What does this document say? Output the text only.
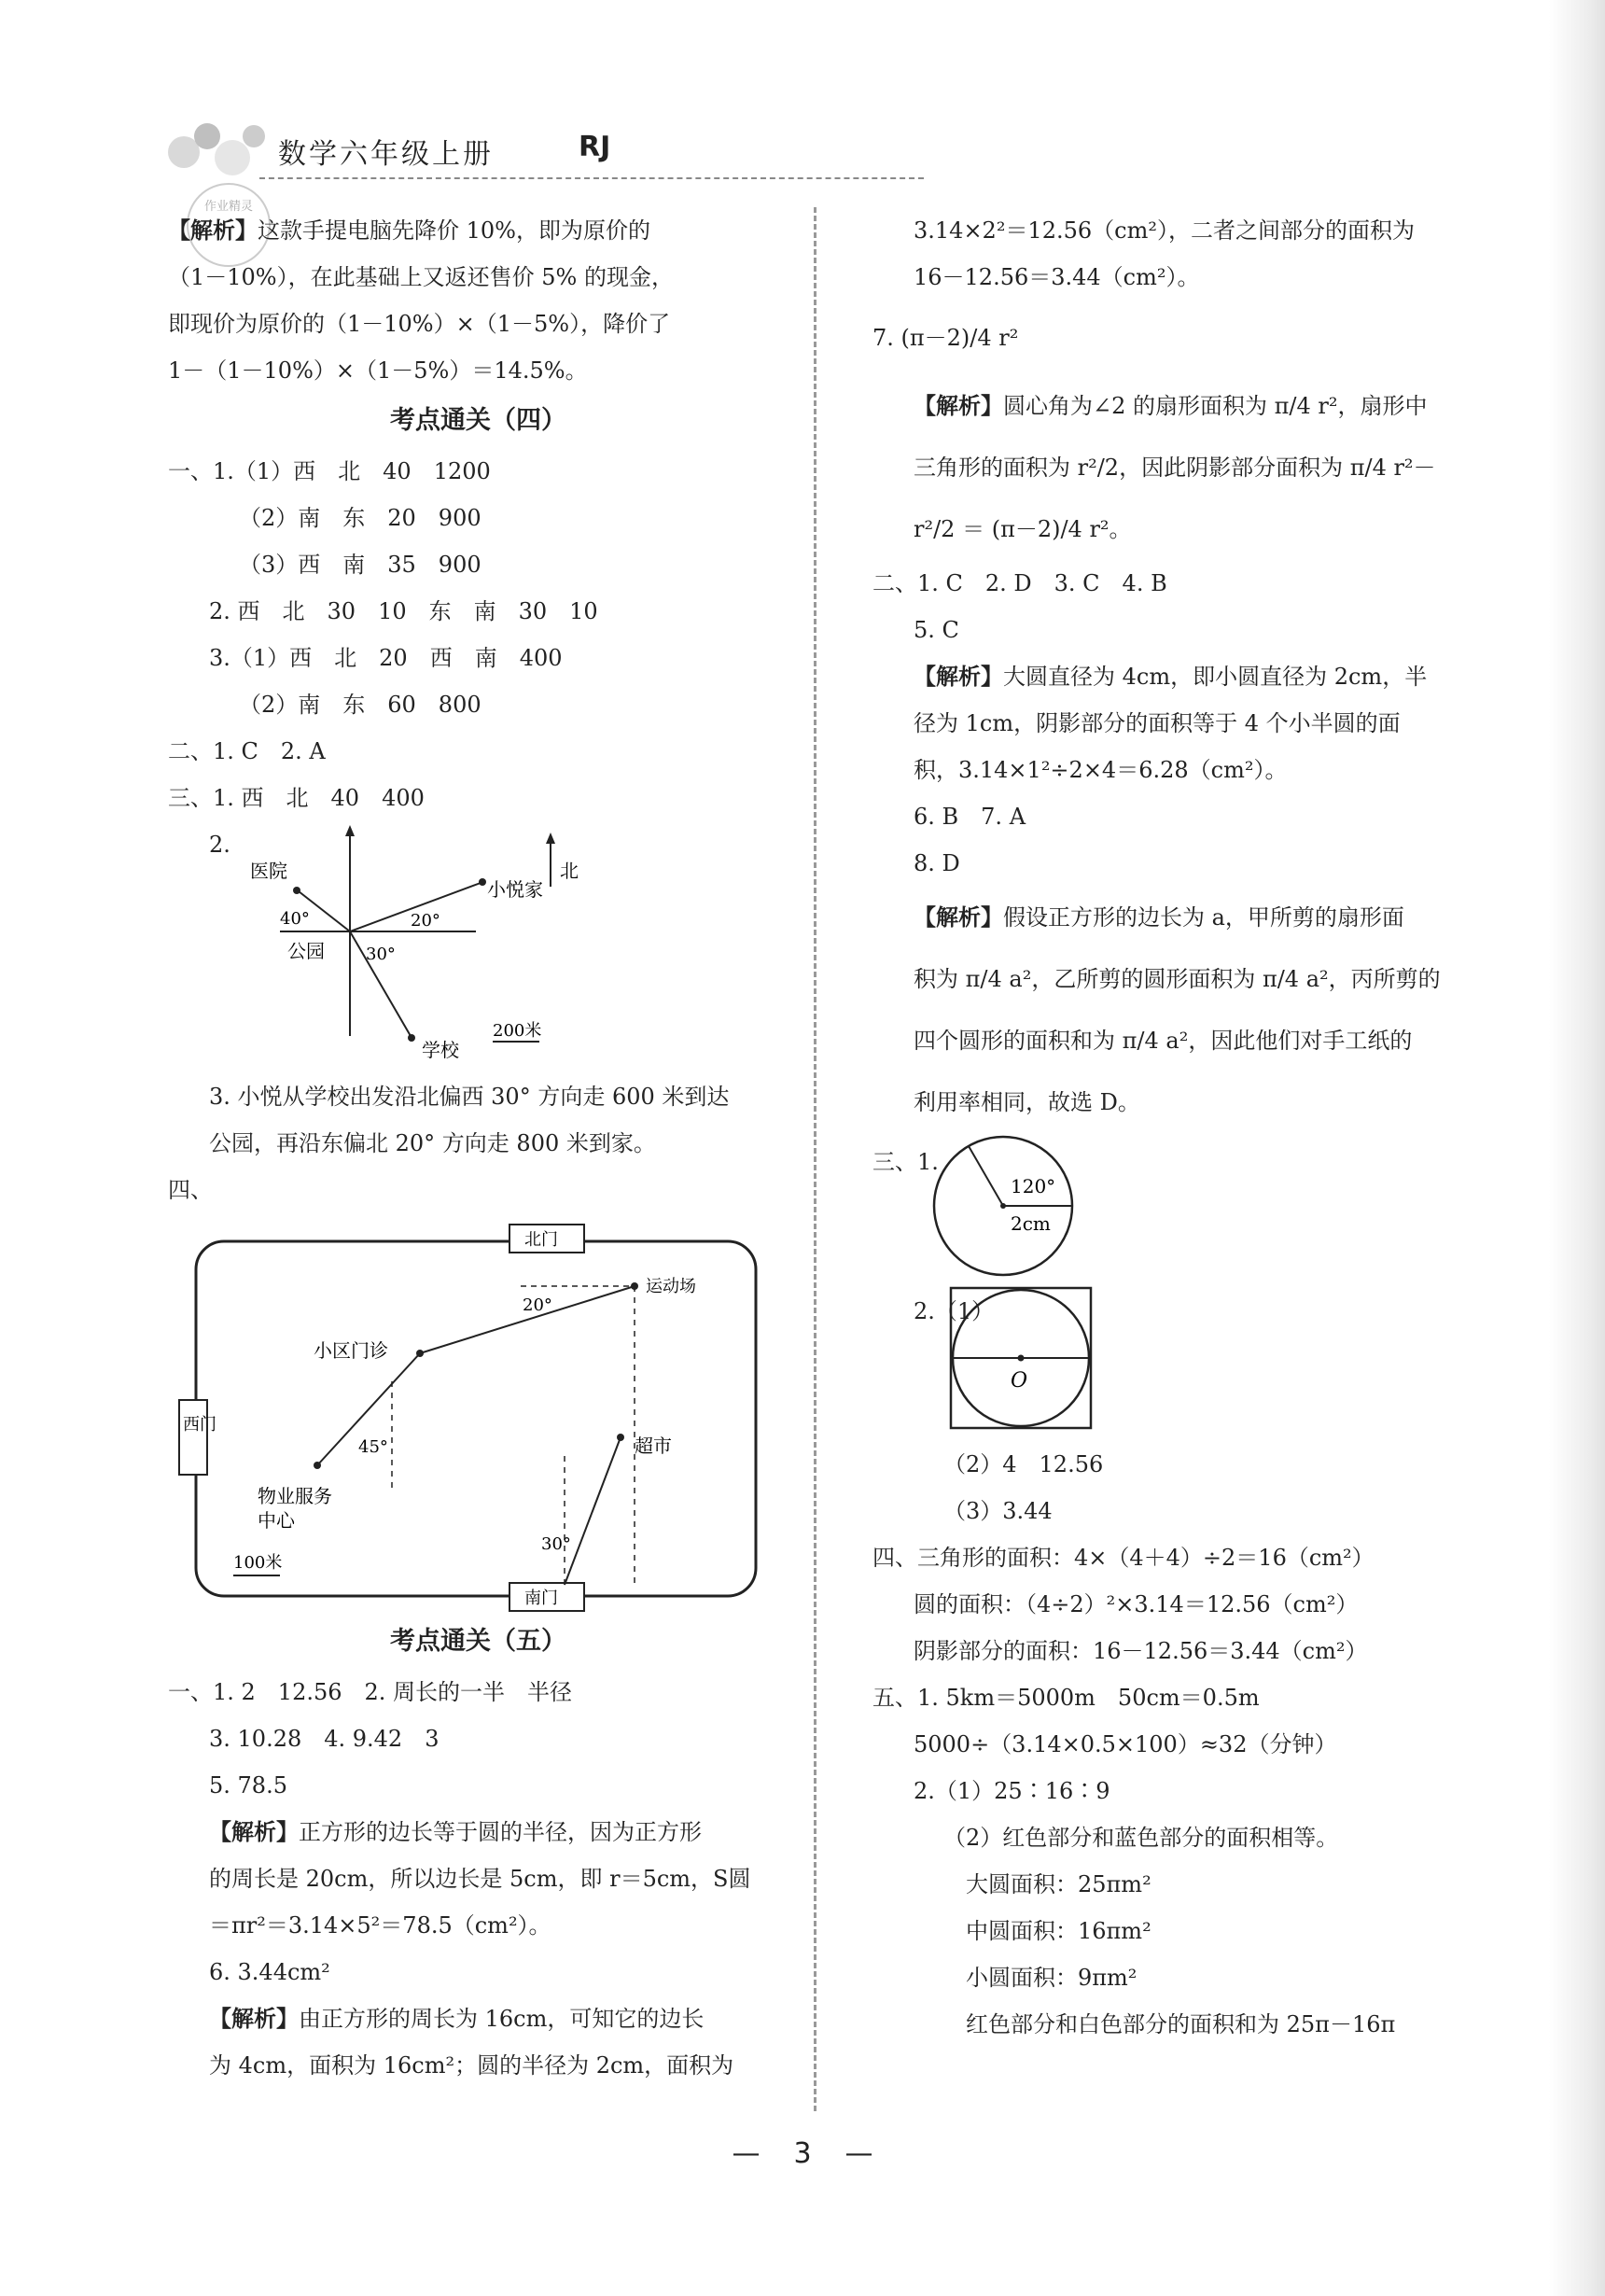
数学六年级上册	RJ
作业精灵

【解析】这款手提电脑先降价 10%，即为原价的

（1－10%），在此基础上又返还售价 5% 的现金，

即现价为原价的（1－10%）×（1－5%），降价了

1－（1－10%）×（1－5%）＝14.5%。

考点通关（四）

一、1.（1）西　北　40　1200

（2）南　东　20　900

（3）西　南　35　900

2. 西　北　30　10　东　南　30　10

3.（1）西　北　20　西　南　400

（2）南　东　60　800

二、1. C　2. A

三、1. 西　北　40　400

2.
医院
小悦家
北
公园
学校
40°	20°
30°
200米

3. 小悦从学校出发沿北偏西 30° 方向走 600 米到达

公园，再沿东偏北 20° 方向走 800 米到家。

四、

北门
南门
西门
运动场
小区门诊
超市
物业服务
中心
20°
45°
30°
100米

考点通关（五）

一、1. 2　12.56　2. 周长的一半　半径

3. 10.28　4. 9.42　3

5. 78.5

【解析】正方形的边长等于圆的半径，因为正方形

的周长是 20cm，所以边长是 5cm，即 r＝5cm，S圆

＝πr²＝3.14×5²＝78.5（cm²）。

6. 3.44cm²

【解析】由正方形的周长为 16cm，可知它的边长

为 4cm，面积为 16cm²；圆的半径为 2cm，面积为

3.14×2²＝12.56（cm²），二者之间部分的面积为

16－12.56＝3.44（cm²）。

7. (π－2)/4 r²

【解析】圆心角为∠2 的扇形面积为 π/4 r²，扇形中

三角形的面积为 r²/2，因此阴影部分面积为 π/4 r²－

r²/2 ＝ (π－2)/4 r²。

二、1. C　2. D　3. C　4. B

5. C

【解析】大圆直径为 4cm，即小圆直径为 2cm，半

径为 1cm，阴影部分的面积等于 4 个小半圆的面

积，3.14×1²÷2×4＝6.28（cm²）。

6. B　7. A

8. D

【解析】假设正方形的边长为 a，甲所剪的扇形面

积为 π/4 a²，乙所剪的圆形面积为 π/4 a²，丙所剪的

四个圆形的面积和为 π/4 a²，因此他们对手工纸的

利用率相同，故选 D。

三、1.
120°
2cm
2.（1）
O

（2）4　12.56

（3）3.44

四、三角形的面积：4×（4＋4）÷2＝16（cm²）

圆的面积：（4÷2）²×3.14＝12.56（cm²）

阴影部分的面积：16－12.56＝3.44（cm²）

五、1. 5km＝5000m　50cm＝0.5m

5000÷（3.14×0.5×100）≈32（分钟）

2.（1）25∶16∶9

（2）红色部分和蓝色部分的面积相等。

　大圆面积：25πm²

　中圆面积：16πm²

　小圆面积：9πm²

　红色部分和白色部分的面积和为 25π－16π

— 3 —
